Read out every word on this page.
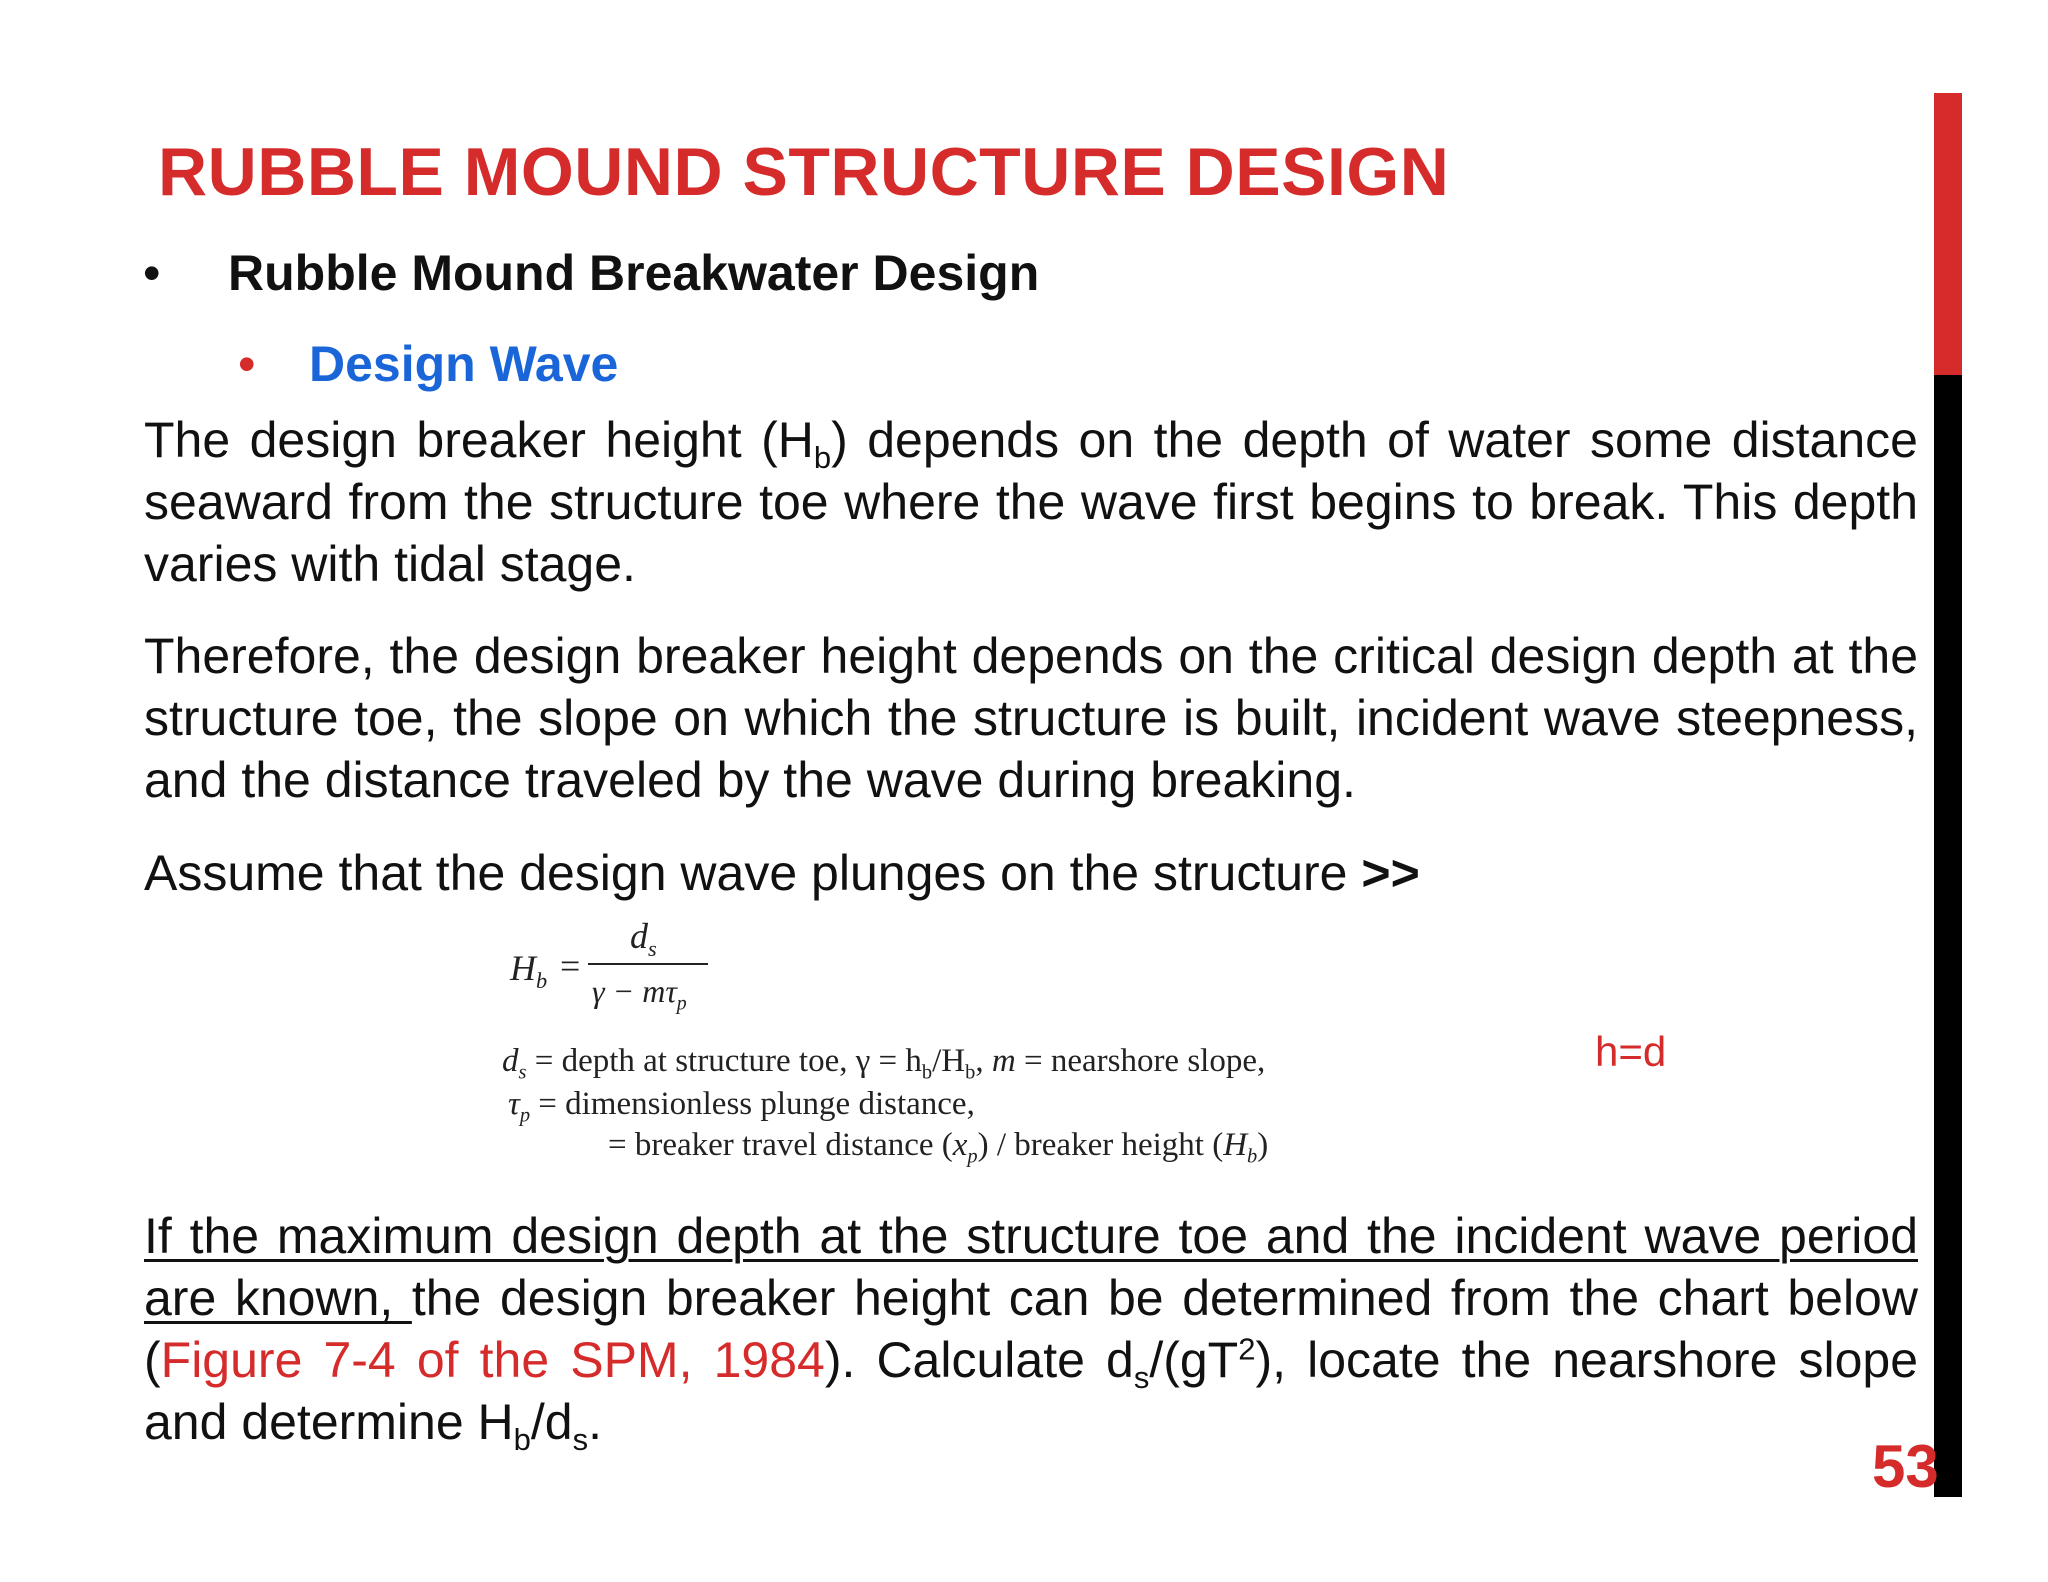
RUBBLE MOUND STRUCTURE DESIGN
•	Rubble Mound Breakwater Design
•	Design Wave
The design breaker height $(H_b)$ depends on the depth of water some distance seaward from the structure toe where the wave first begins to break. This depth varies with tidal stage.
Therefore, the design breaker height depends on the critical design depth at the structure toe, the slope on which the structure is built, incident wave steepness, and the distance traveled by the wave during breaking.
Assume that the design wave plunges on the structure >>
$H_b$ =
$d_s$
$\gamma - m\tau_p$
$d_s$ = depth at structure toe, $\gamma = h_b/H_b$, m = nearshore slope,
$\tau_p$ = dimensionless plunge distance,
= breaker travel distance $(x_p)$ / breaker height $(H_b)$
h=d
If the maximum design depth at the structure toe and the incident wave period are known, the design breaker height can be determined from the chart below (Figure 7-4 of the SPM, 1984). Calculate $d_s/(gT^2)$, locate the nearshore slope and determine $H_b/d_s$.
53
